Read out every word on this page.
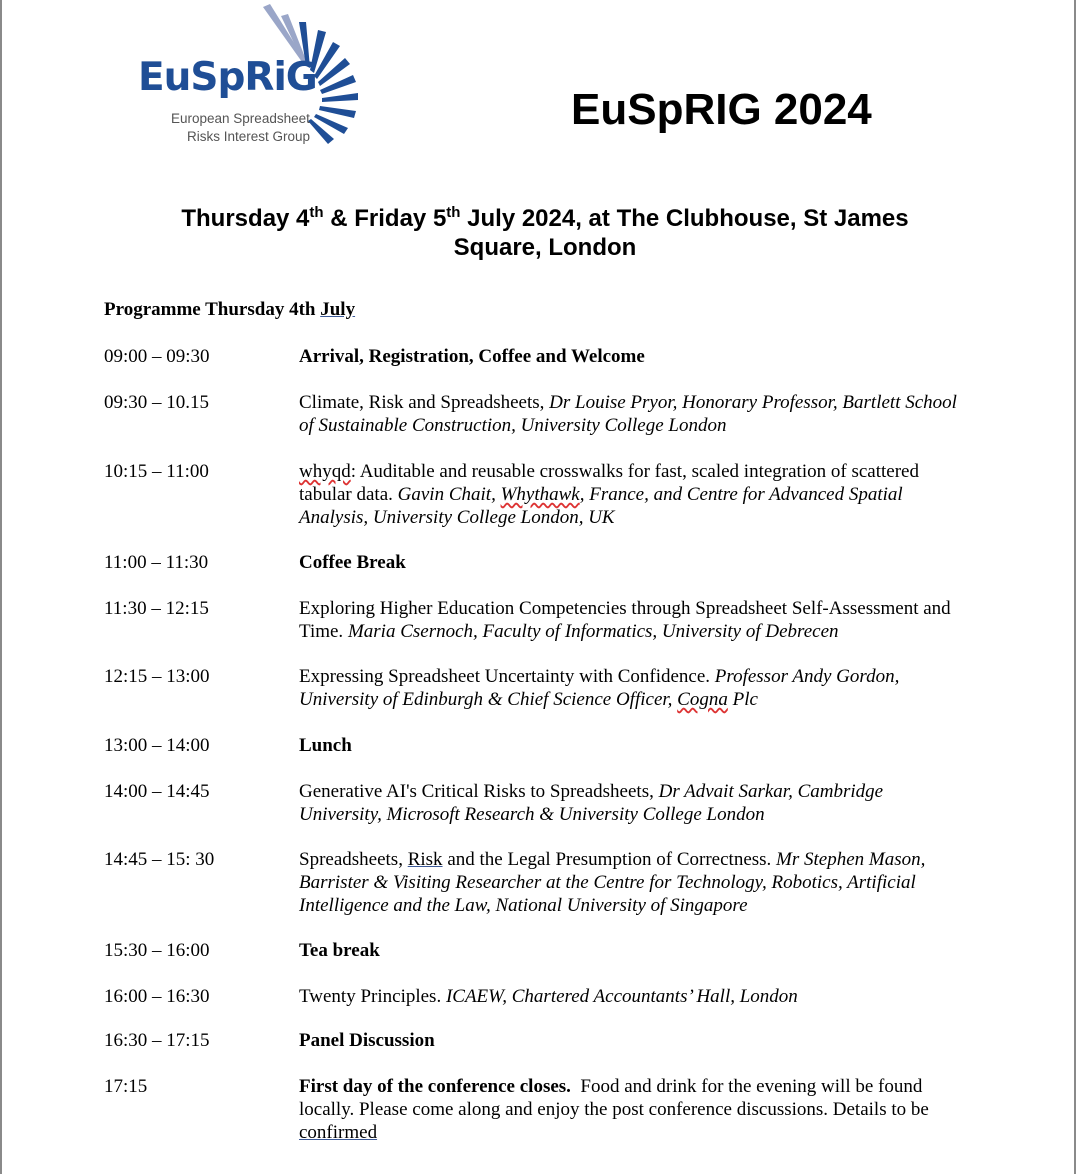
EuSpRiG
European Spreadsheet
Risks Interest Group
EuSpRIG 2024
Thursday 4th & Friday 5th July 2024, at The Clubhouse, St James Square, London
Programme Thursday 4th July
09:00 – 09:30	Arrival, Registration, Coffee and Welcome
09:30 – 10.15	Climate, Risk and Spreadsheets, Dr Louise Pryor, Honorary Professor, Bartlett School of Sustainable Construction, University College London
10:15 – 11:00	whyqd: Auditable and reusable crosswalks for fast, scaled integration of scattered tabular data. Gavin Chait, Whythawk, France, and Centre for Advanced Spatial Analysis, University College London, UK
11:00 – 11:30	Coffee Break
11:30 – 12:15	Exploring Higher Education Competencies through Spreadsheet Self-Assessment and Time. Maria Csernoch, Faculty of Informatics, University of Debrecen
12:15 – 13:00	Expressing Spreadsheet Uncertainty with Confidence. Professor Andy Gordon, University of Edinburgh & Chief Science Officer, Cogna Plc
13:00 – 14:00	Lunch
14:00 – 14:45	Generative AI's Critical Risks to Spreadsheets, Dr Advait Sarkar, Cambridge University, Microsoft Research & University College London
14:45 – 15: 30	Spreadsheets, Risk and the Legal Presumption of Correctness. Mr Stephen Mason, Barrister & Visiting Researcher at the Centre for Technology, Robotics, Artificial Intelligence and the Law, National University of Singapore
15:30 – 16:00	Tea break
16:00 – 16:30	Twenty Principles. ICAEW, Chartered Accountants’ Hall, London
16:30 – 17:15	Panel Discussion
17:15	First day of the conference closes.  Food and drink for the evening will be found locally. Please come along and enjoy the post conference discussions. Details to be confirmed
